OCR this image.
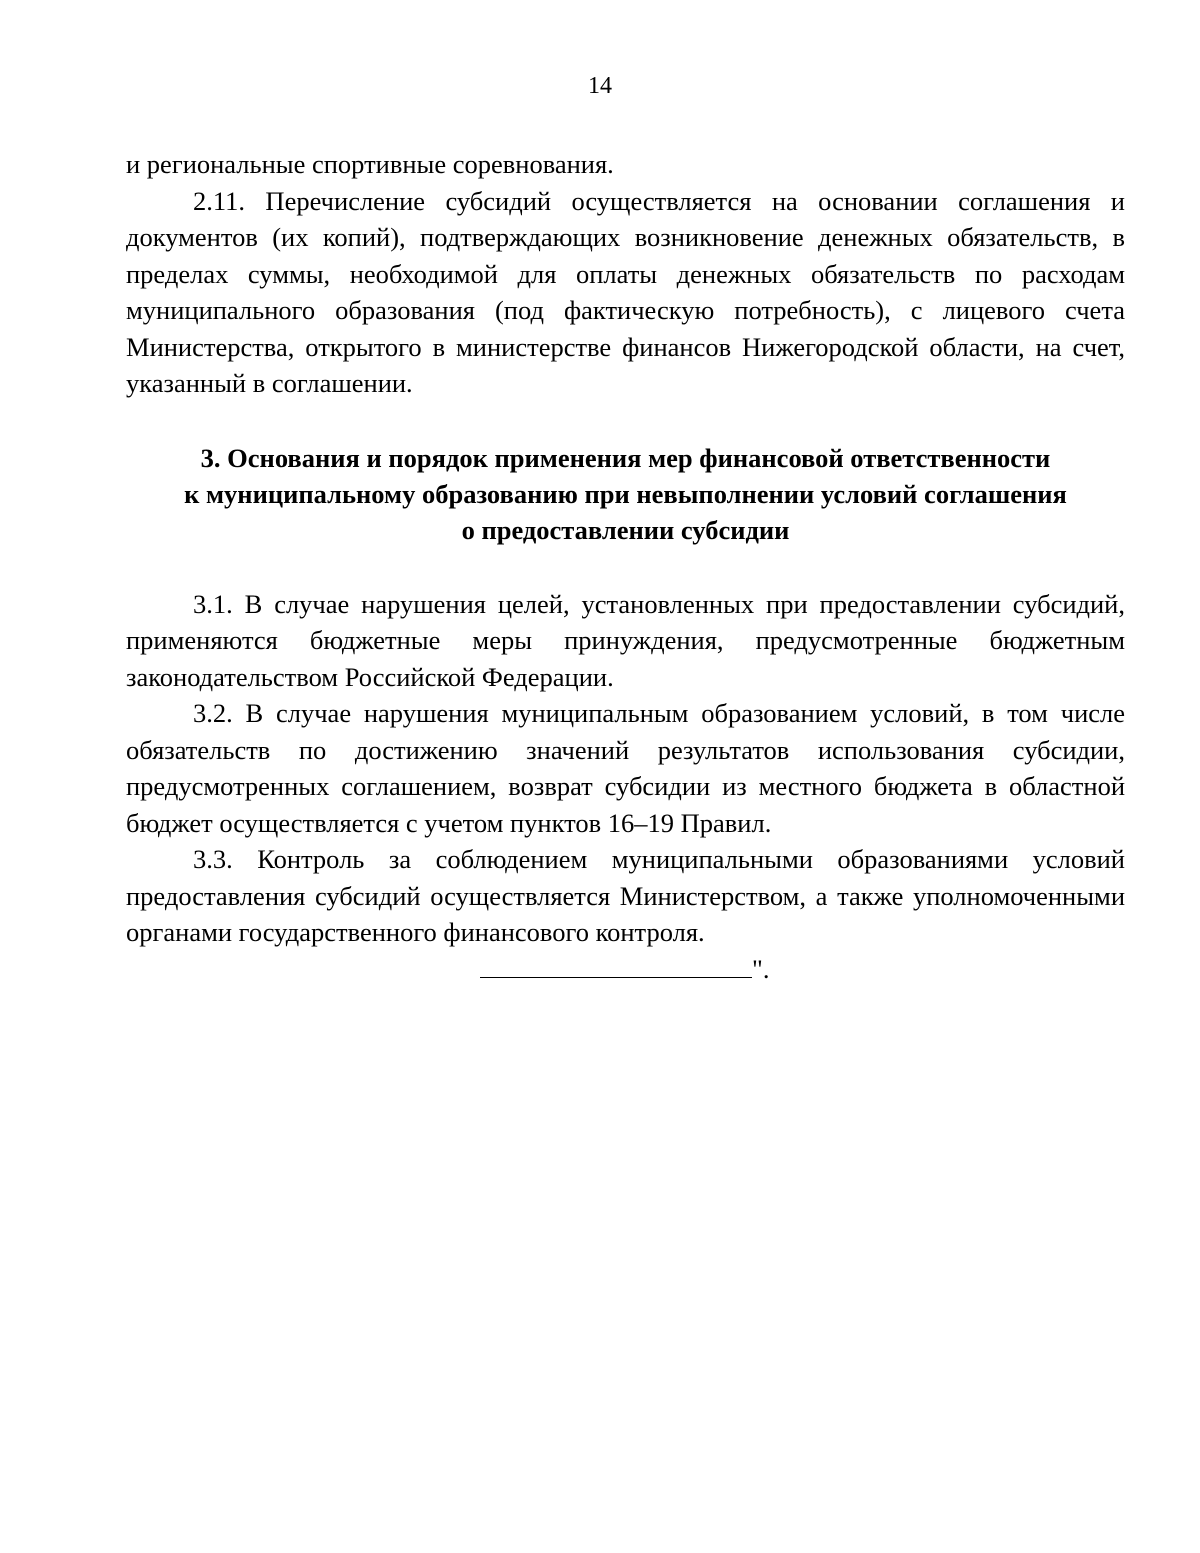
14

и региональные спортивные соревнования.

2.11. Перечисление субсидий осуществляется на основании соглашения и документов (их копий), подтверждающих возникновение денежных обязательств, в пределах суммы, необходимой для оплаты денежных обязательств по расходам муниципального образования (под фактическую потребность), с лицевого счета Министерства, открытого в министерстве финансов Нижегородской области, на счет, указанный в соглашении.

3. Основания и порядок применения мер финансовой ответственности
к муниципальному образованию при невыполнении условий соглашения
о предоставлении субсидии

3.1. В случае нарушения целей, установленных при предоставлении субсидий, применяются бюджетные меры принуждения, предусмотренные бюджетным законодательством Российской Федерации.

3.2. В случае нарушения муниципальным образованием условий, в том числе обязательств по достижению значений результатов использования субсидии, предусмотренных соглашением, возврат субсидии из местного бюджета в областной бюджет осуществляется с учетом пунктов 16–19 Правил.

3.3. Контроль за соблюдением муниципальными образованиями условий предоставления субсидий осуществляется Министерством, а также уполномоченными органами государственного финансового контроля.

".
